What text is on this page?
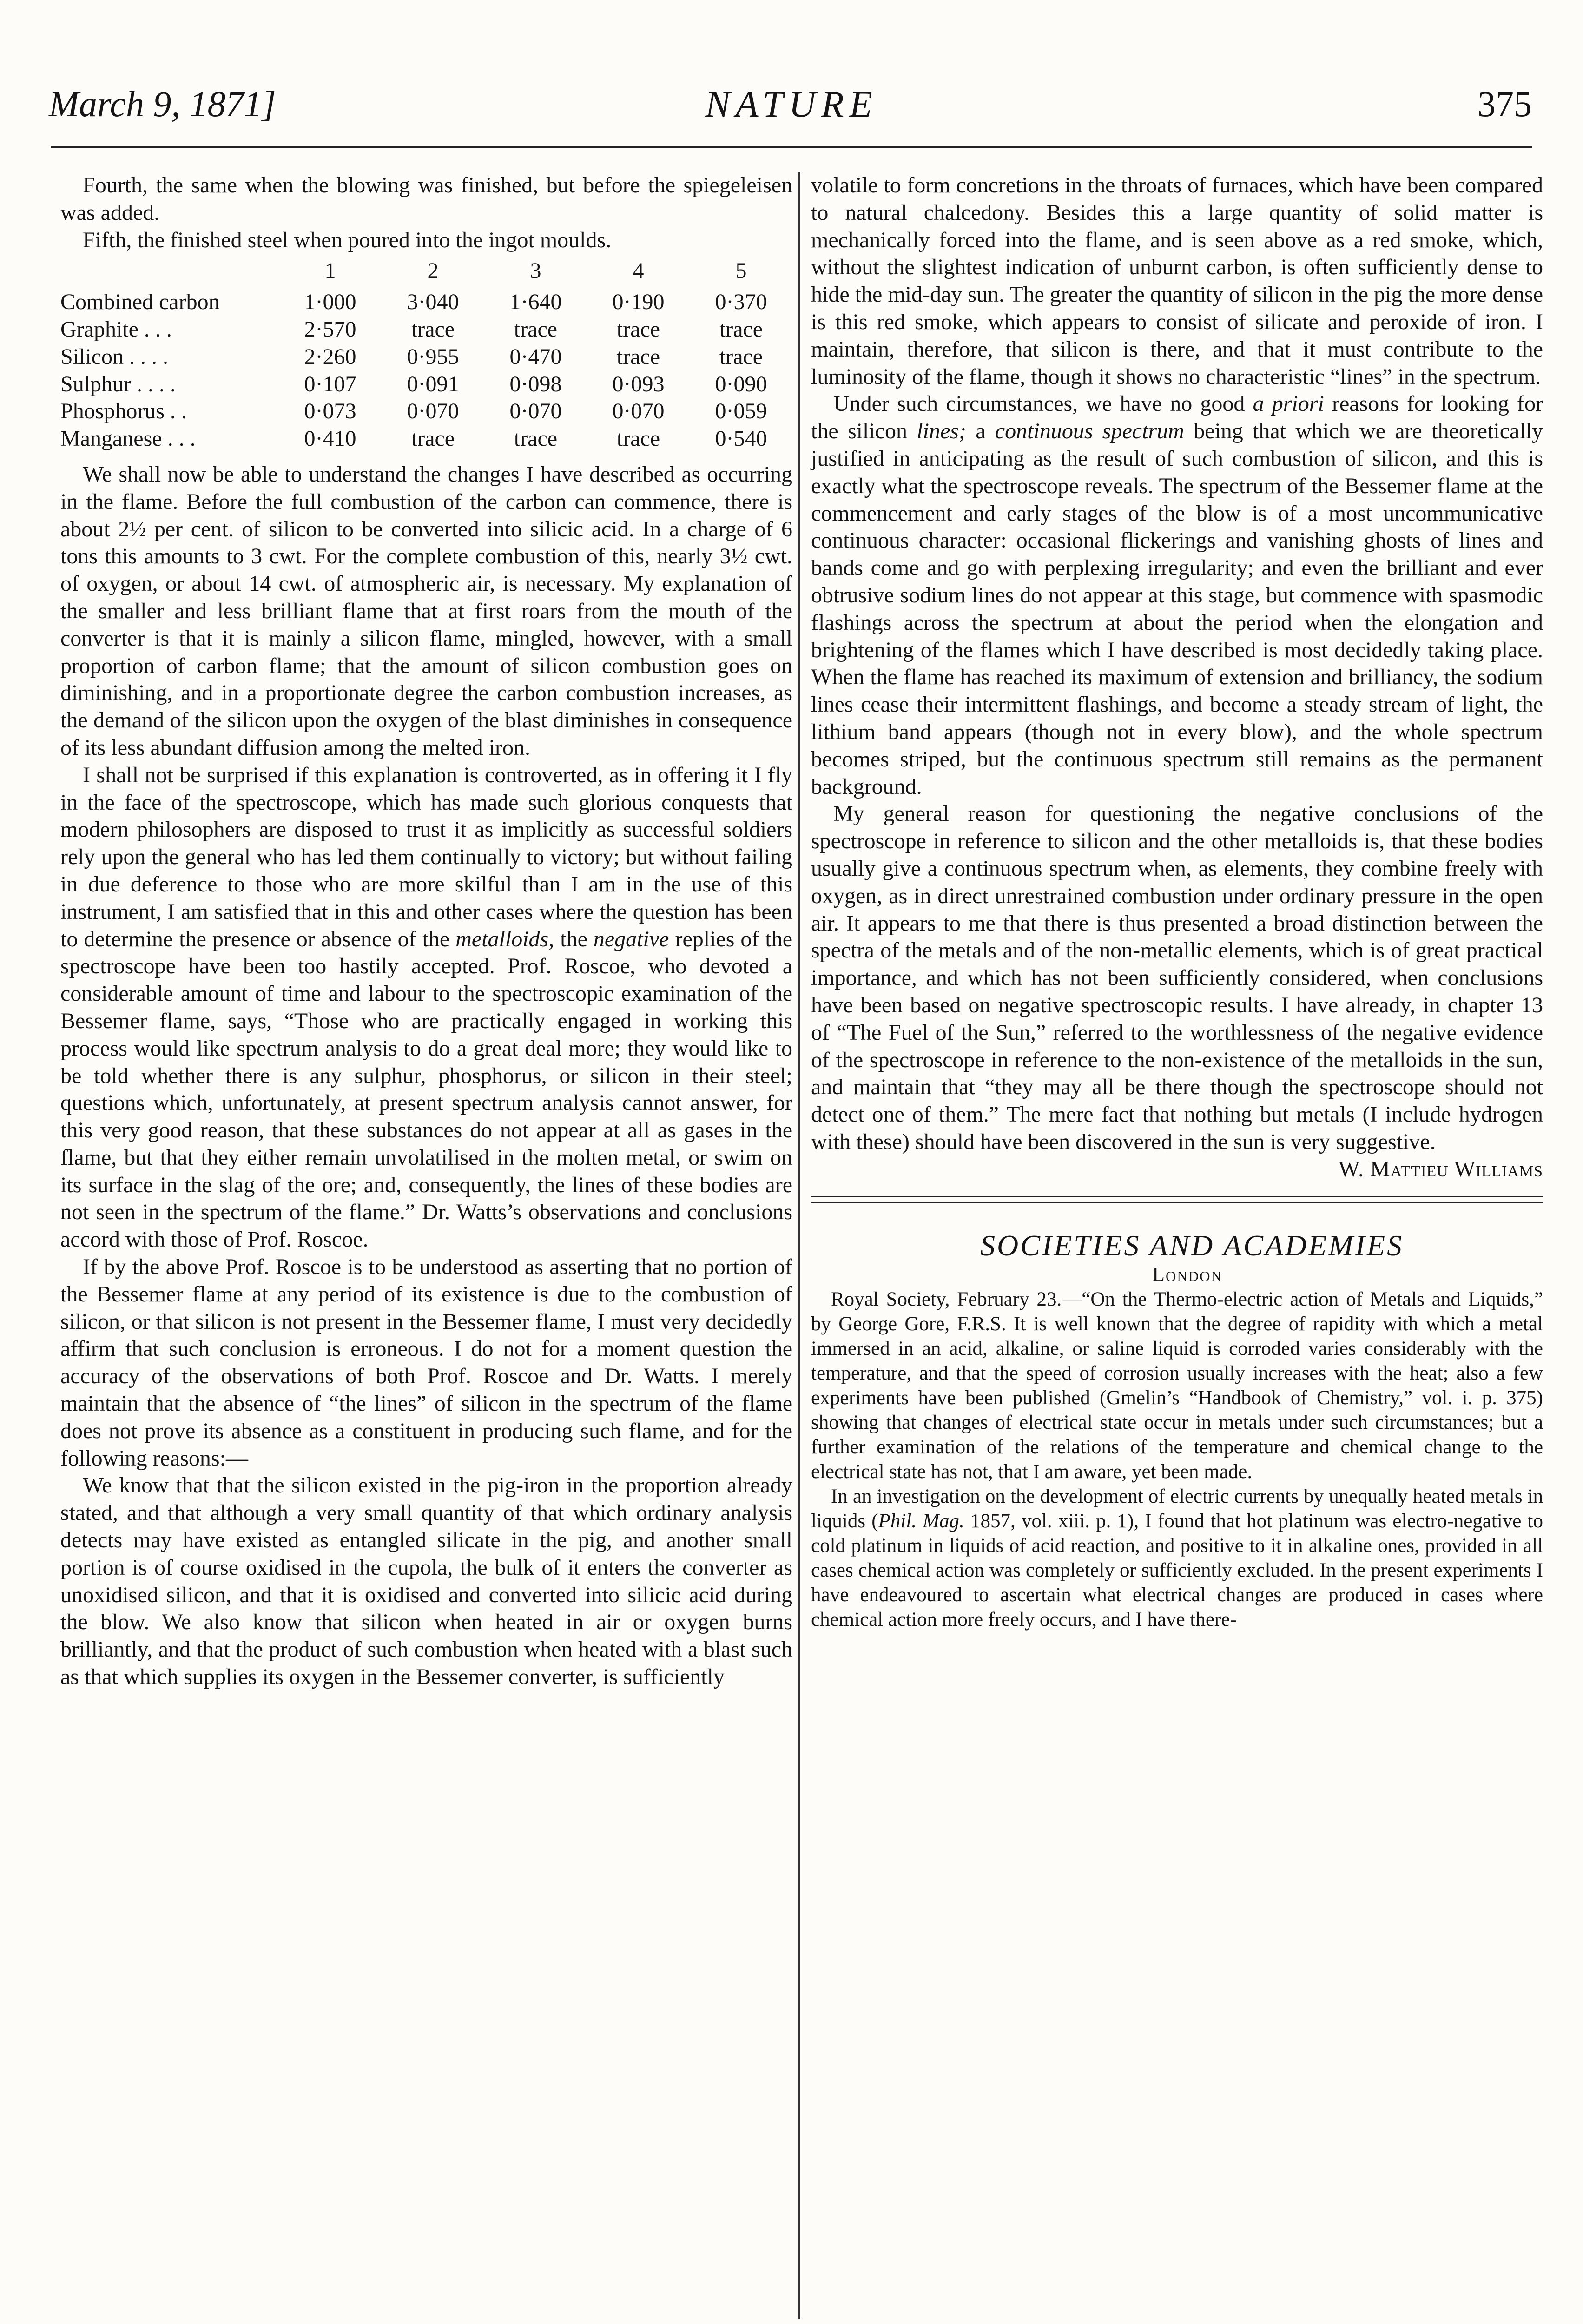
March 9, 1871]	NATURE	375

Fourth, the same when the blowing was finished, but before the spiegeleisen was added.

Fifth, the finished steel when poured into the ingot moulds.

	1	2	3	4	5
Combined carbon	1·000	3·040	1·640	0·190	0·370
Graphite . . .	2·570	trace	trace	trace	trace
Silicon . . . .	2·260	0·955	0·470	trace	trace
Sulphur . . . .	0·107	0·091	0·098	0·093	0·090
Phosphorus . .	0·073	0·070	0·070	0·070	0·059
Manganese . . .	0·410	trace	trace	trace	0·540

We shall now be able to understand the changes I have described as occurring in the flame. Before the full combustion of the carbon can commence, there is about 2½ per cent. of silicon to be converted into silicic acid. In a charge of 6 tons this amounts to 3 cwt. For the complete combustion of this, nearly 3½ cwt. of oxygen, or about 14 cwt. of atmospheric air, is necessary. My explanation of the smaller and less brilliant flame that at first roars from the mouth of the converter is that it is mainly a silicon flame, mingled, however, with a small proportion of carbon flame; that the amount of silicon combustion goes on diminishing, and in a proportionate degree the carbon combustion increases, as the demand of the silicon upon the oxygen of the blast diminishes in consequence of its less abundant diffusion among the melted iron.

I shall not be surprised if this explanation is controverted, as in offering it I fly in the face of the spectroscope, which has made such glorious conquests that modern philosophers are disposed to trust it as implicitly as successful soldiers rely upon the general who has led them continually to victory; but without failing in due deference to those who are more skilful than I am in the use of this instrument, I am satisfied that in this and other cases where the question has been to determine the presence or absence of the metalloids, the negative replies of the spectroscope have been too hastily accepted. Prof. Roscoe, who devoted a considerable amount of time and labour to the spectroscopic examination of the Bessemer flame, says, “Those who are practically engaged in working this process would like spectrum analysis to do a great deal more; they would like to be told whether there is any sulphur, phosphorus, or silicon in their steel; questions which, unfortunately, at present spectrum analysis cannot answer, for this very good reason, that these substances do not appear at all as gases in the flame, but that they either remain unvolatilised in the molten metal, or swim on its surface in the slag of the ore; and, consequently, the lines of these bodies are not seen in the spectrum of the flame.” Dr. Watts’s observations and conclusions accord with those of Prof. Roscoe.

If by the above Prof. Roscoe is to be understood as asserting that no portion of the Bessemer flame at any period of its existence is due to the combustion of silicon, or that silicon is not present in the Bessemer flame, I must very decidedly affirm that such conclusion is erroneous. I do not for a moment question the accuracy of the observations of both Prof. Roscoe and Dr. Watts. I merely maintain that the absence of “the lines” of silicon in the spectrum of the flame does not prove its absence as a constituent in producing such flame, and for the following reasons:—

We know that that the silicon existed in the pig-iron in the proportion already stated, and that although a very small quantity of that which ordinary analysis detects may have existed as entangled silicate in the pig, and another small portion is of course oxidised in the cupola, the bulk of it enters the converter as unoxidised silicon, and that it is oxidised and converted into silicic acid during the blow. We also know that silicon when heated in air or oxygen burns brilliantly, and that the product of such combustion when heated with a blast such as that which supplies its oxygen in the Bessemer converter, is sufficiently

volatile to form concretions in the throats of furnaces, which have been compared to natural chalcedony. Besides this a large quantity of solid matter is mechanically forced into the flame, and is seen above as a red smoke, which, without the slightest indication of unburnt carbon, is often sufficiently dense to hide the mid-day sun. The greater the quantity of silicon in the pig the more dense is this red smoke, which appears to consist of silicate and peroxide of iron. I maintain, therefore, that silicon is there, and that it must contribute to the luminosity of the flame, though it shows no characteristic “lines” in the spectrum.

Under such circumstances, we have no good a priori reasons for looking for the silicon lines; a continuous spectrum being that which we are theoretically justified in anticipating as the result of such combustion of silicon, and this is exactly what the spectroscope reveals. The spectrum of the Bessemer flame at the commencement and early stages of the blow is of a most uncommunicative continuous character: occasional flickerings and vanishing ghosts of lines and bands come and go with perplexing irregularity; and even the brilliant and ever obtrusive sodium lines do not appear at this stage, but commence with spasmodic flashings across the spectrum at about the period when the elongation and brightening of the flames which I have described is most decidedly taking place. When the flame has reached its maximum of extension and brilliancy, the sodium lines cease their intermittent flashings, and become a steady stream of light, the lithium band appears (though not in every blow), and the whole spectrum becomes striped, but the continuous spectrum still remains as the permanent background.

My general reason for questioning the negative conclusions of the spectroscope in reference to silicon and the other metalloids is, that these bodies usually give a continuous spectrum when, as elements, they combine freely with oxygen, as in direct unrestrained combustion under ordinary pressure in the open air. It appears to me that there is thus presented a broad distinction between the spectra of the metals and of the non-metallic elements, which is of great practical importance, and which has not been sufficiently considered, when conclusions have been based on negative spectroscopic results. I have already, in chapter 13 of “The Fuel of the Sun,” referred to the worthlessness of the negative evidence of the spectroscope in reference to the non-existence of the metalloids in the sun, and maintain that “they may all be there though the spectroscope should not detect one of them.” The mere fact that nothing but metals (I include hydrogen with these) should have been discovered in the sun is very suggestive.

W. Mattieu Williams

SOCIETIES AND ACADEMIES

London

Royal Society, February 23.—“On the Thermo-electric action of Metals and Liquids,” by George Gore, F.R.S. It is well known that the degree of rapidity with which a metal immersed in an acid, alkaline, or saline liquid is corroded varies considerably with the temperature, and that the speed of corrosion usually increases with the heat; also a few experiments have been published (Gmelin’s “Handbook of Chemistry,” vol. i. p. 375) showing that changes of electrical state occur in metals under such circumstances; but a further examination of the relations of the temperature and chemical change to the electrical state has not, that I am aware, yet been made.

In an investigation on the development of electric currents by unequally heated metals in liquids (Phil. Mag. 1857, vol. xiii. p. 1), I found that hot platinum was electro-negative to cold platinum in liquids of acid reaction, and positive to it in alkaline ones, provided in all cases chemical action was completely or sufficiently excluded. In the present experiments I have endeavoured to ascertain what electrical changes are produced in cases where chemical action more freely occurs, and I have there-
